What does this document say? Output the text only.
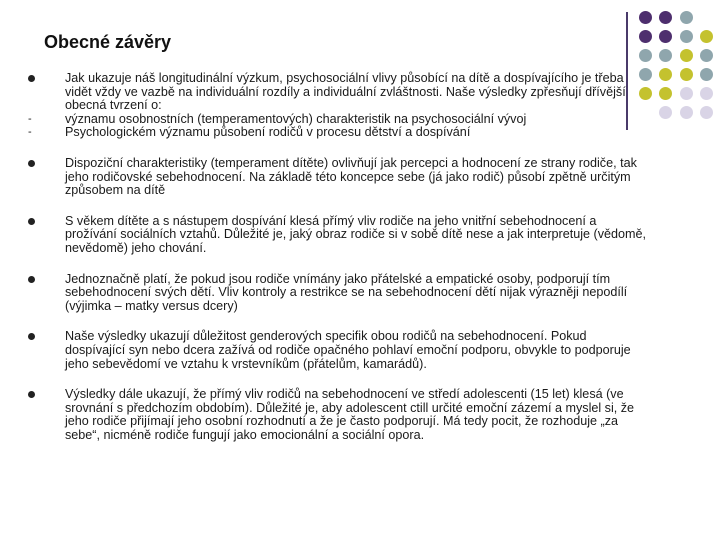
Obecné závěry
Jak ukazuje náš longitudinální výzkum, psychosociální vlivy působící na dítě a dospívajícího je třeba vidět vždy ve vazbě na individuální rozdíly a individuální zvláštnosti. Naše výsledky zpřesňují dřívější obecná tvrzení o:
-	významu osobnostních (temperamentových) charakteristik na psychosociální vývoj
-	Psychologickém významu působení rodičů v procesu dětství a dospívání
Dispoziční charakteristiky (temperament dítěte) ovlivňují jak percepci a hodnocení ze strany rodiče, tak jeho rodičovské sebehodnocení. Na základě této koncepce sebe (já jako rodič) působí zpětně určitým způsobem na dítě
S věkem dítěte a s nástupem dospívání klesá přímý vliv rodiče na jeho vnitřní sebehodnocení a prožívání sociálních vztahů. Důležité je, jaký obraz rodiče si v sobě dítě nese a jak interpretuje (vědomě, nevědomě) jeho chování.
Jednoznačně platí, že pokud jsou rodiče vnímány jako přátelské a empatické osoby, podporují tím sebehodnocení svých dětí. Vliv kontroly a restrikce se na sebehodnocení dětí nijak výrazněji nepodílí (výjimka – matky versus dcery)
Naše výsledky ukazují důležitost genderových specifik obou rodičů na sebehodnocení. Pokud dospívající syn nebo dcera zažívá od rodiče opačného pohlaví emoční podporu, obvykle to podporuje jeho sebevědomí ve vztahu k vrstevníkům (přátelům, kamarádů).
Výsledky dále ukazují, že přímý vliv rodičů na sebehodnocení ve středí adolescenti (15 let) klesá (ve srovnání s předchozím obdobím). Důležité je, aby adolescent ctill určité emoční zázemí a myslel si, že jeho rodiče přijímají jeho osobní rozhodnutí a že je často podporují. Má tedy pocit, že rozhoduje „za sebe“, nicméně rodiče fungují jako emocionální a sociální opora.
